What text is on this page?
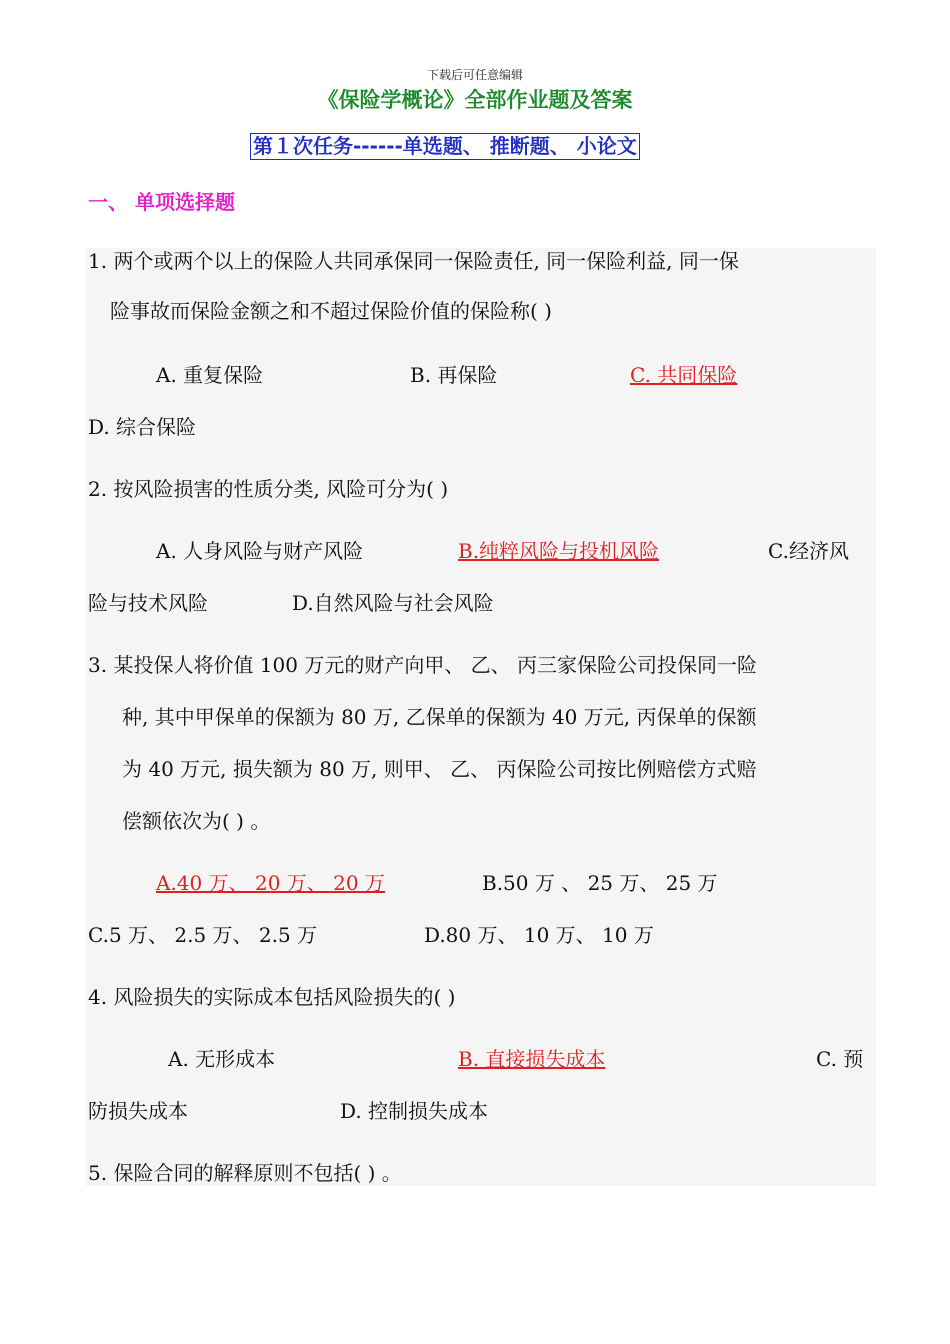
下载后可任意编辑
《保险学概论》全部作业题及答案
第１次任务------单选题、 推断题、 小论文
一、 单项选择题
1. 两个或两个以上的保险人共同承保同一保险责任, 同一保险利益, 同一保
险事故而保险金额之和不超过保险价值的保险称( )
A. 重复保险	B. 再保险	C. 共同保险
D. 综合保险
2. 按风险损害的性质分类, 风险可分为( )
A. 人身风险与财产风险	B.纯粹风险与投机风险	C.经济风
险与技术风险	D.自然风险与社会风险
3. 某投保人将价值 100 万元的财产向甲、 乙、 丙三家保险公司投保同一险
种, 其中甲保单的保额为 80 万, 乙保单的保额为 40 万元, 丙保单的保额
为 40 万元, 损失额为 80 万, 则甲、 乙、 丙保险公司按比例赔偿方式赔
偿额依次为( ) 。
A.40 万、 20 万、 20 万	B.50 万 、 25 万、 25 万
C.5 万、 2.5 万、 2.5 万	D.80 万、 10 万、 10 万
4. 风险损失的实际成本包括风险损失的( )
A. 无形成本	B. 直接损失成本	C. 预
防损失成本	D. 控制损失成本
5. 保险合同的解释原则不包括( ) 。
